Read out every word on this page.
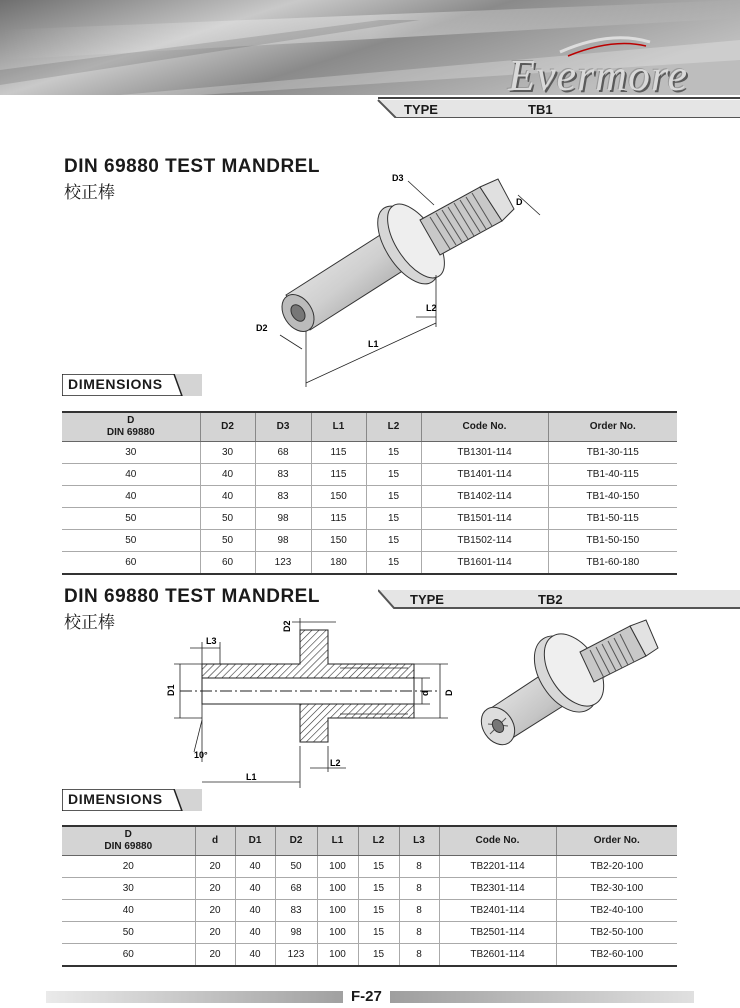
Evermore
TYPE	TB1
DIN 69880 TEST MANDREL
校正棒
D3
D
D2
L1
L2
DIMENSIONS
D
DIN 69880	D2	D3	L1	L2	Code No.	Order No.
30	30	68	115	15	TB1301-114	TB1-30-115
40	40	83	115	15	TB1401-114	TB1-40-115
40	40	83	150	15	TB1402-114	TB1-40-150
50	50	98	115	15	TB1501-114	TB1-50-115
50	50	98	150	15	TB1502-114	TB1-50-150
60	60	123	180	15	TB1601-114	TB1-60-180
DIN 69880 TEST MANDREL
校正棒
TYPE	TB2
L3
D2
D1	d D
10°
L1
L2
DIMENSIONS
D
DIN 69880	d	D1	D2	L1	L2	L3	Code No.	Order No.
20	20	40	50	100	15	8	TB2201-114	TB2-20-100
30	20	40	68	100	15	8	TB2301-114	TB2-30-100
40	20	40	83	100	15	8	TB2401-114	TB2-40-100
50	20	40	98	100	15	8	TB2501-114	TB2-50-100
60	20	40	123	100	15	8	TB2601-114	TB2-60-100
F-27
